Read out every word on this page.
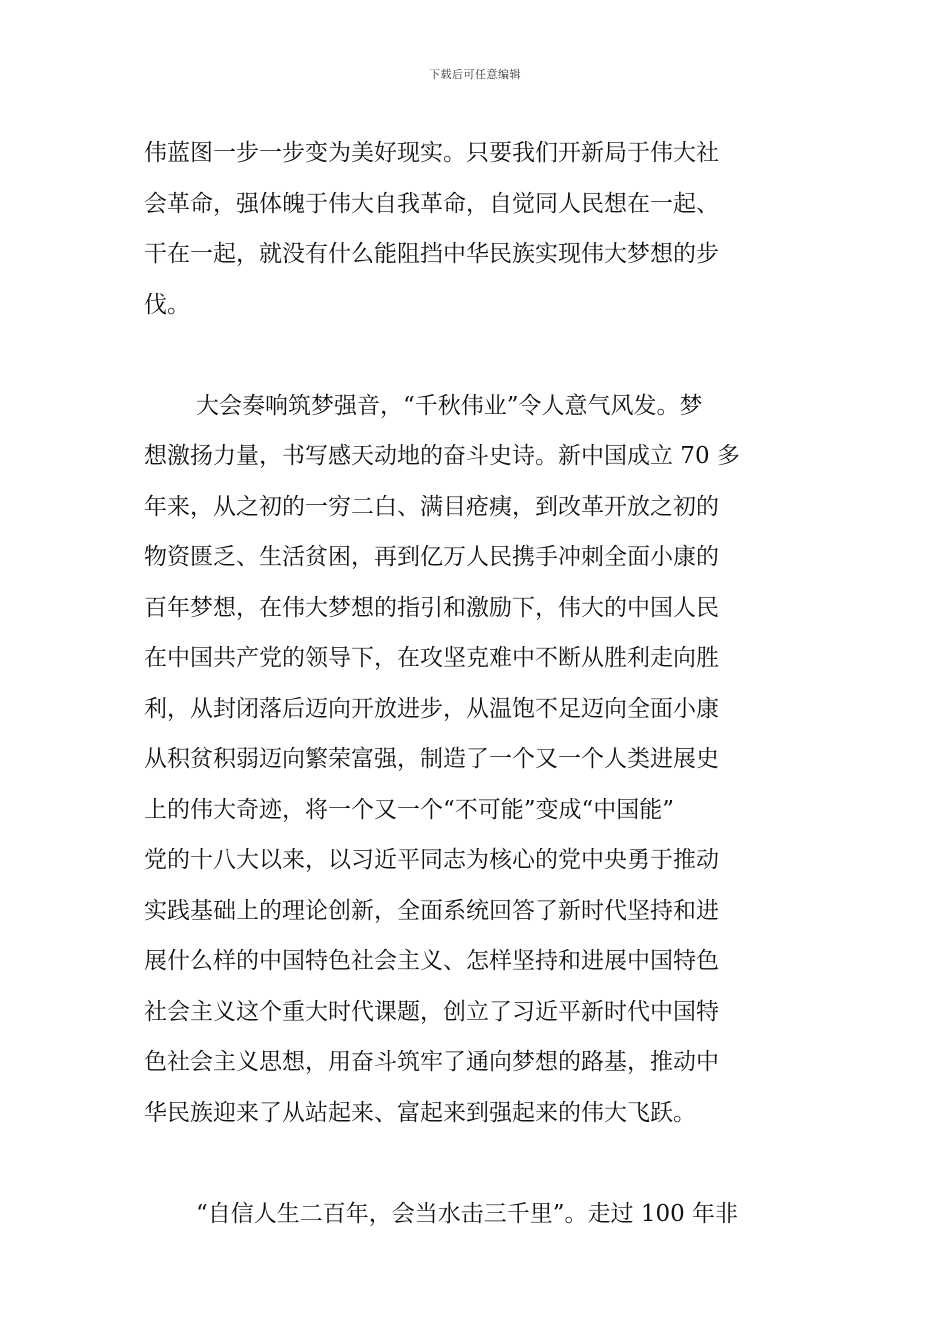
下载后可任意编辑
伟蓝图一步一步变为美好现实。只要我们开新局于伟大社
会革命，强体魄于伟大自我革命，自觉同人民想在一起、
干在一起，就没有什么能阻挡中华民族实现伟大梦想的步
伐。
大会奏响筑梦强音，“千秋伟业”令人意气风发。梦
想激扬力量，书写感天动地的奋斗史诗。新中国成立 70 多
年来，从之初的一穷二白、满目疮痍，到改革开放之初的
物资匮乏、生活贫困，再到亿万人民携手冲刺全面小康的
百年梦想，在伟大梦想的指引和激励下，伟大的中国人民
在中国共产党的领导下，在攻坚克难中不断从胜利走向胜
利，从封闭落后迈向开放进步，从温饱不足迈向全面小康
从积贫积弱迈向繁荣富强，制造了一个又一个人类进展史
上的伟大奇迹，将一个又一个“不可能”变成“中国能”
党的十八大以来，以习近平同志为核心的党中央勇于推动
实践基础上的理论创新，全面系统回答了新时代坚持和进
展什么样的中国特色社会主义、怎样坚持和进展中国特色
社会主义这个重大时代课题，创立了习近平新时代中国特
色社会主义思想，用奋斗筑牢了通向梦想的路基，推动中
华民族迎来了从站起来、富起来到强起来的伟大飞跃。
“自信人生二百年，会当水击三千里”。走过 100 年非
